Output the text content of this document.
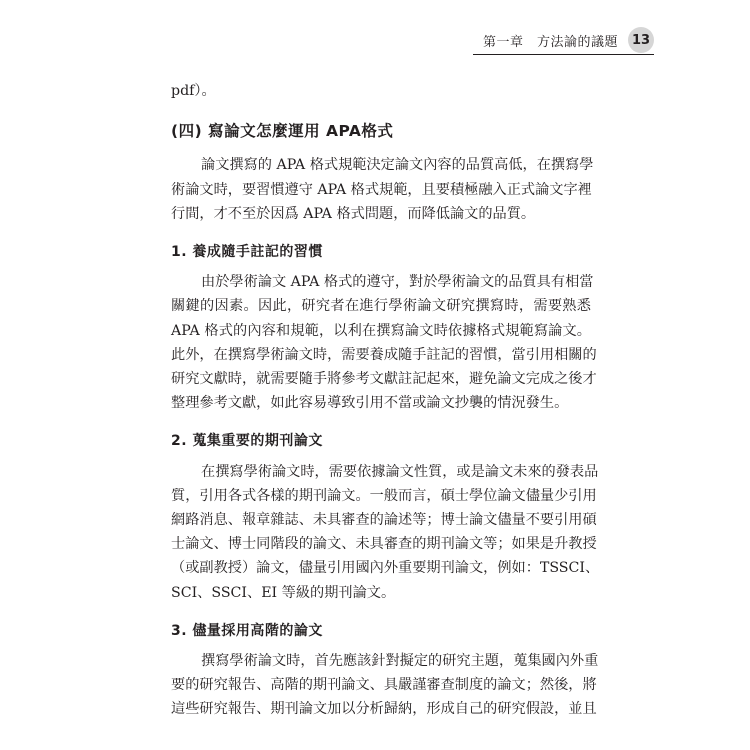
第一章　方法論的議題	13

pdf）。

(四) 寫論文怎麼運用 APA格式

論文撰寫的 APA 格式規範決定論文內容的品質高低，在撰寫學
術論文時，要習慣遵守 APA 格式規範，且要積極融入正式論文字裡
行間，才不至於因爲 APA 格式問題，而降低論文的品質。

1. 養成隨手註記的習慣

由於學術論文 APA 格式的遵守，對於學術論文的品質具有相當
關鍵的因素。因此，研究者在進行學術論文研究撰寫時，需要熟悉
APA 格式的內容和規範，以利在撰寫論文時依據格式規範寫論文。
此外，在撰寫學術論文時，需要養成隨手註記的習慣，當引用相關的
研究文獻時，就需要隨手將參考文獻註記起來，避免論文完成之後才
整理參考文獻，如此容易導致引用不當或論文抄襲的情況發生。

2. 蒐集重要的期刊論文

在撰寫學術論文時，需要依據論文性質，或是論文未來的發表品
質，引用各式各樣的期刊論文。一般而言，碩士學位論文儘量少引用
網路消息、報章雜誌、未具審查的論述等；博士論文儘量不要引用碩
士論文、博士同階段的論文、未具審查的期刊論文等；如果是升教授
（或副教授）論文，儘量引用國內外重要期刊論文，例如：TSSCI、
SCI、SSCI、EI 等級的期刊論文。

3. 儘量採用高階的論文

撰寫學術論文時，首先應該針對擬定的研究主題，蒐集國內外重
要的研究報告、高階的期刊論文、具嚴謹審查制度的論文；然後，將
這些研究報告、期刊論文加以分析歸納，形成自己的研究假設，並且
